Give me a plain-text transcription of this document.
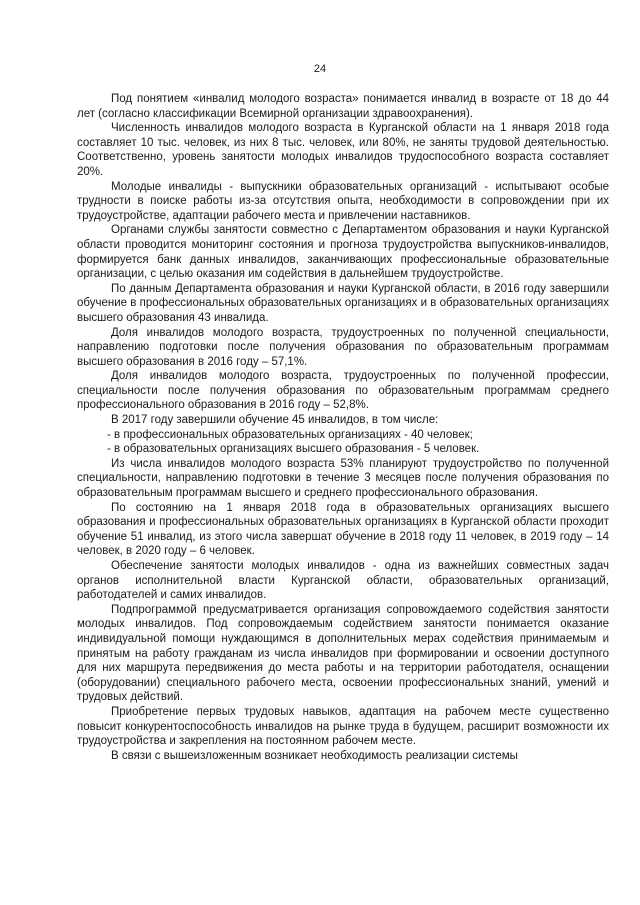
24

Под понятием «инвалид молодого возраста» понимается инвалид в возрасте от 18 до 44 лет (согласно классификации Всемирной организации здравоохранения).

Численность инвалидов молодого возраста в Курганской области на 1 января 2018 года составляет 10 тыс. человек, из них 8 тыс. человек, или 80%, не заняты трудовой деятельностью. Соответственно, уровень занятости молодых инвалидов трудоспособного возраста составляет 20%.

Молодые инвалиды - выпускники образовательных организаций - испытывают особые трудности в поиске работы из-за отсутствия опыта, необходимости в сопровождении при их трудоустройстве, адаптации рабочего места и привлечении наставников.

Органами службы занятости совместно с Департаментом образования и науки Курганской области проводится мониторинг состояния и прогноза трудоустройства выпускников-инвалидов, формируется банк данных инвалидов, заканчивающих профессиональные образовательные организации, с целью оказания им содействия в дальнейшем трудоустройстве.

По данным Департамента образования и науки Курганской области, в 2016 году завершили обучение в профессиональных образовательных организациях и в образовательных организациях высшего образования 43 инвалида.

Доля инвалидов молодого возраста, трудоустроенных по полученной специальности, направлению подготовки после получения образования по образовательным программам высшего образования в 2016 году – 57,1%.

Доля инвалидов молодого возраста, трудоустроенных по полученной профессии, специальности после получения образования по образовательным программам среднего профессионального образования в 2016 году – 52,8%.

В 2017 году завершили обучение 45 инвалидов, в том числе:

- в профессиональных образовательных организациях - 40 человек;

- в образовательных организациях высшего образования - 5 человек.

Из числа инвалидов молодого возраста 53% планируют трудоустройство по полученной специальности, направлению подготовки в течение 3 месяцев после получения образования по образовательным программам высшего и среднего профессионального образования.

По состоянию на 1 января 2018 года в образовательных организациях высшего образования и профессиональных образовательных организациях в Курганской области проходит обучение 51 инвалид, из этого числа завершат обучение в 2018 году 11 человек, в 2019 году – 14 человек, в 2020 году – 6 человек.

Обеспечение занятости молодых инвалидов - одна из важнейших совместных задач органов исполнительной власти Курганской области, образовательных организаций, работодателей и самих инвалидов.

Подпрограммой предусматривается организация сопровождаемого содействия занятости молодых инвалидов. Под сопровождаемым содействием занятости понимается оказание индивидуальной помощи нуждающимся в дополнительных мерах содействия принимаемым и принятым на работу гражданам из числа инвалидов при формировании и освоении доступного для них маршрута передвижения до места работы и на территории работодателя, оснащении (оборудовании) специального рабочего места, освоении профессиональных знаний, умений и трудовых действий.

Приобретение первых трудовых навыков, адаптация на рабочем месте существенно повысит конкурентоспособность инвалидов на рынке труда в будущем, расширит возможности их трудоустройства и закрепления на постоянном рабочем месте.

В связи с вышеизложенным возникает необходимость реализации системы
